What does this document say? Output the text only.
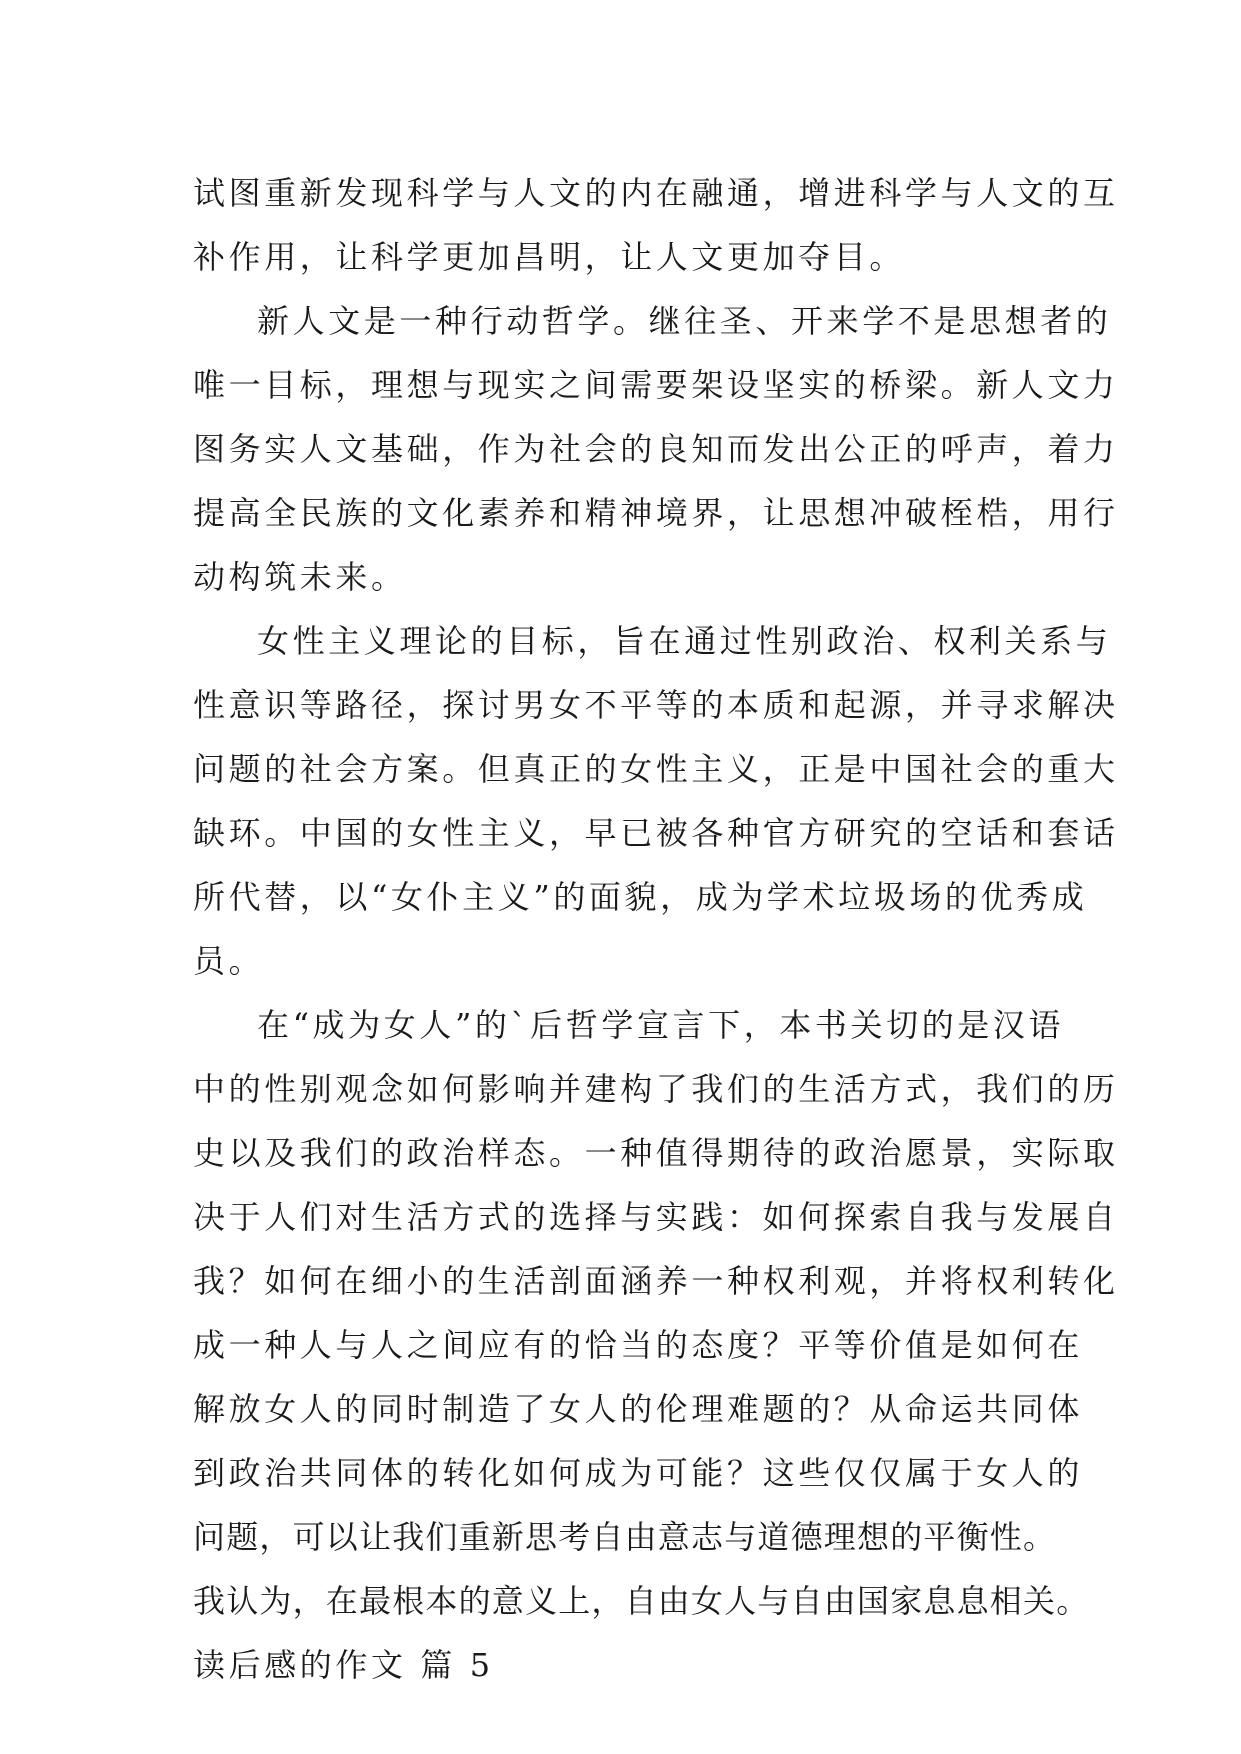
试图重新发现科学与人文的内在融通，增进科学与人文的互
补作用，让科学更加昌明，让人文更加夺目。
新人文是一种行动哲学。继往圣、开来学不是思想者的
唯一目标，理想与现实之间需要架设坚实的桥梁。新人文力
图务实人文基础，作为社会的良知而发出公正的呼声，着力
提高全民族的文化素养和精神境界，让思想冲破桎梏，用行
动构筑未来。
女性主义理论的目标，旨在通过性别政治、权利关系与
性意识等路径，探讨男女不平等的本质和起源，并寻求解决
问题的社会方案。但真正的女性主义，正是中国社会的重大
缺环。中国的女性主义，早已被各种官方研究的空话和套话
所代替，以“女仆主义”的面貌，成为学术垃圾场的优秀成
员。
在“成为女人”的`后哲学宣言下，本书关切的是汉语
中的性别观念如何影响并建构了我们的生活方式，我们的历
史以及我们的政治样态。一种值得期待的政治愿景，实际取
决于人们对生活方式的选择与实践：如何探索自我与发展自
我？如何在细小的生活剖面涵养一种权利观，并将权利转化
成一种人与人之间应有的恰当的态度？平等价值是如何在
解放女人的同时制造了女人的伦理难题的？从命运共同体
到政治共同体的转化如何成为可能？这些仅仅属于女人的
问题，可以让我们重新思考自由意志与道德理想的平衡性。
我认为，在最根本的意义上，自由女人与自由国家息息相关。
读后感的作文 篇 5
